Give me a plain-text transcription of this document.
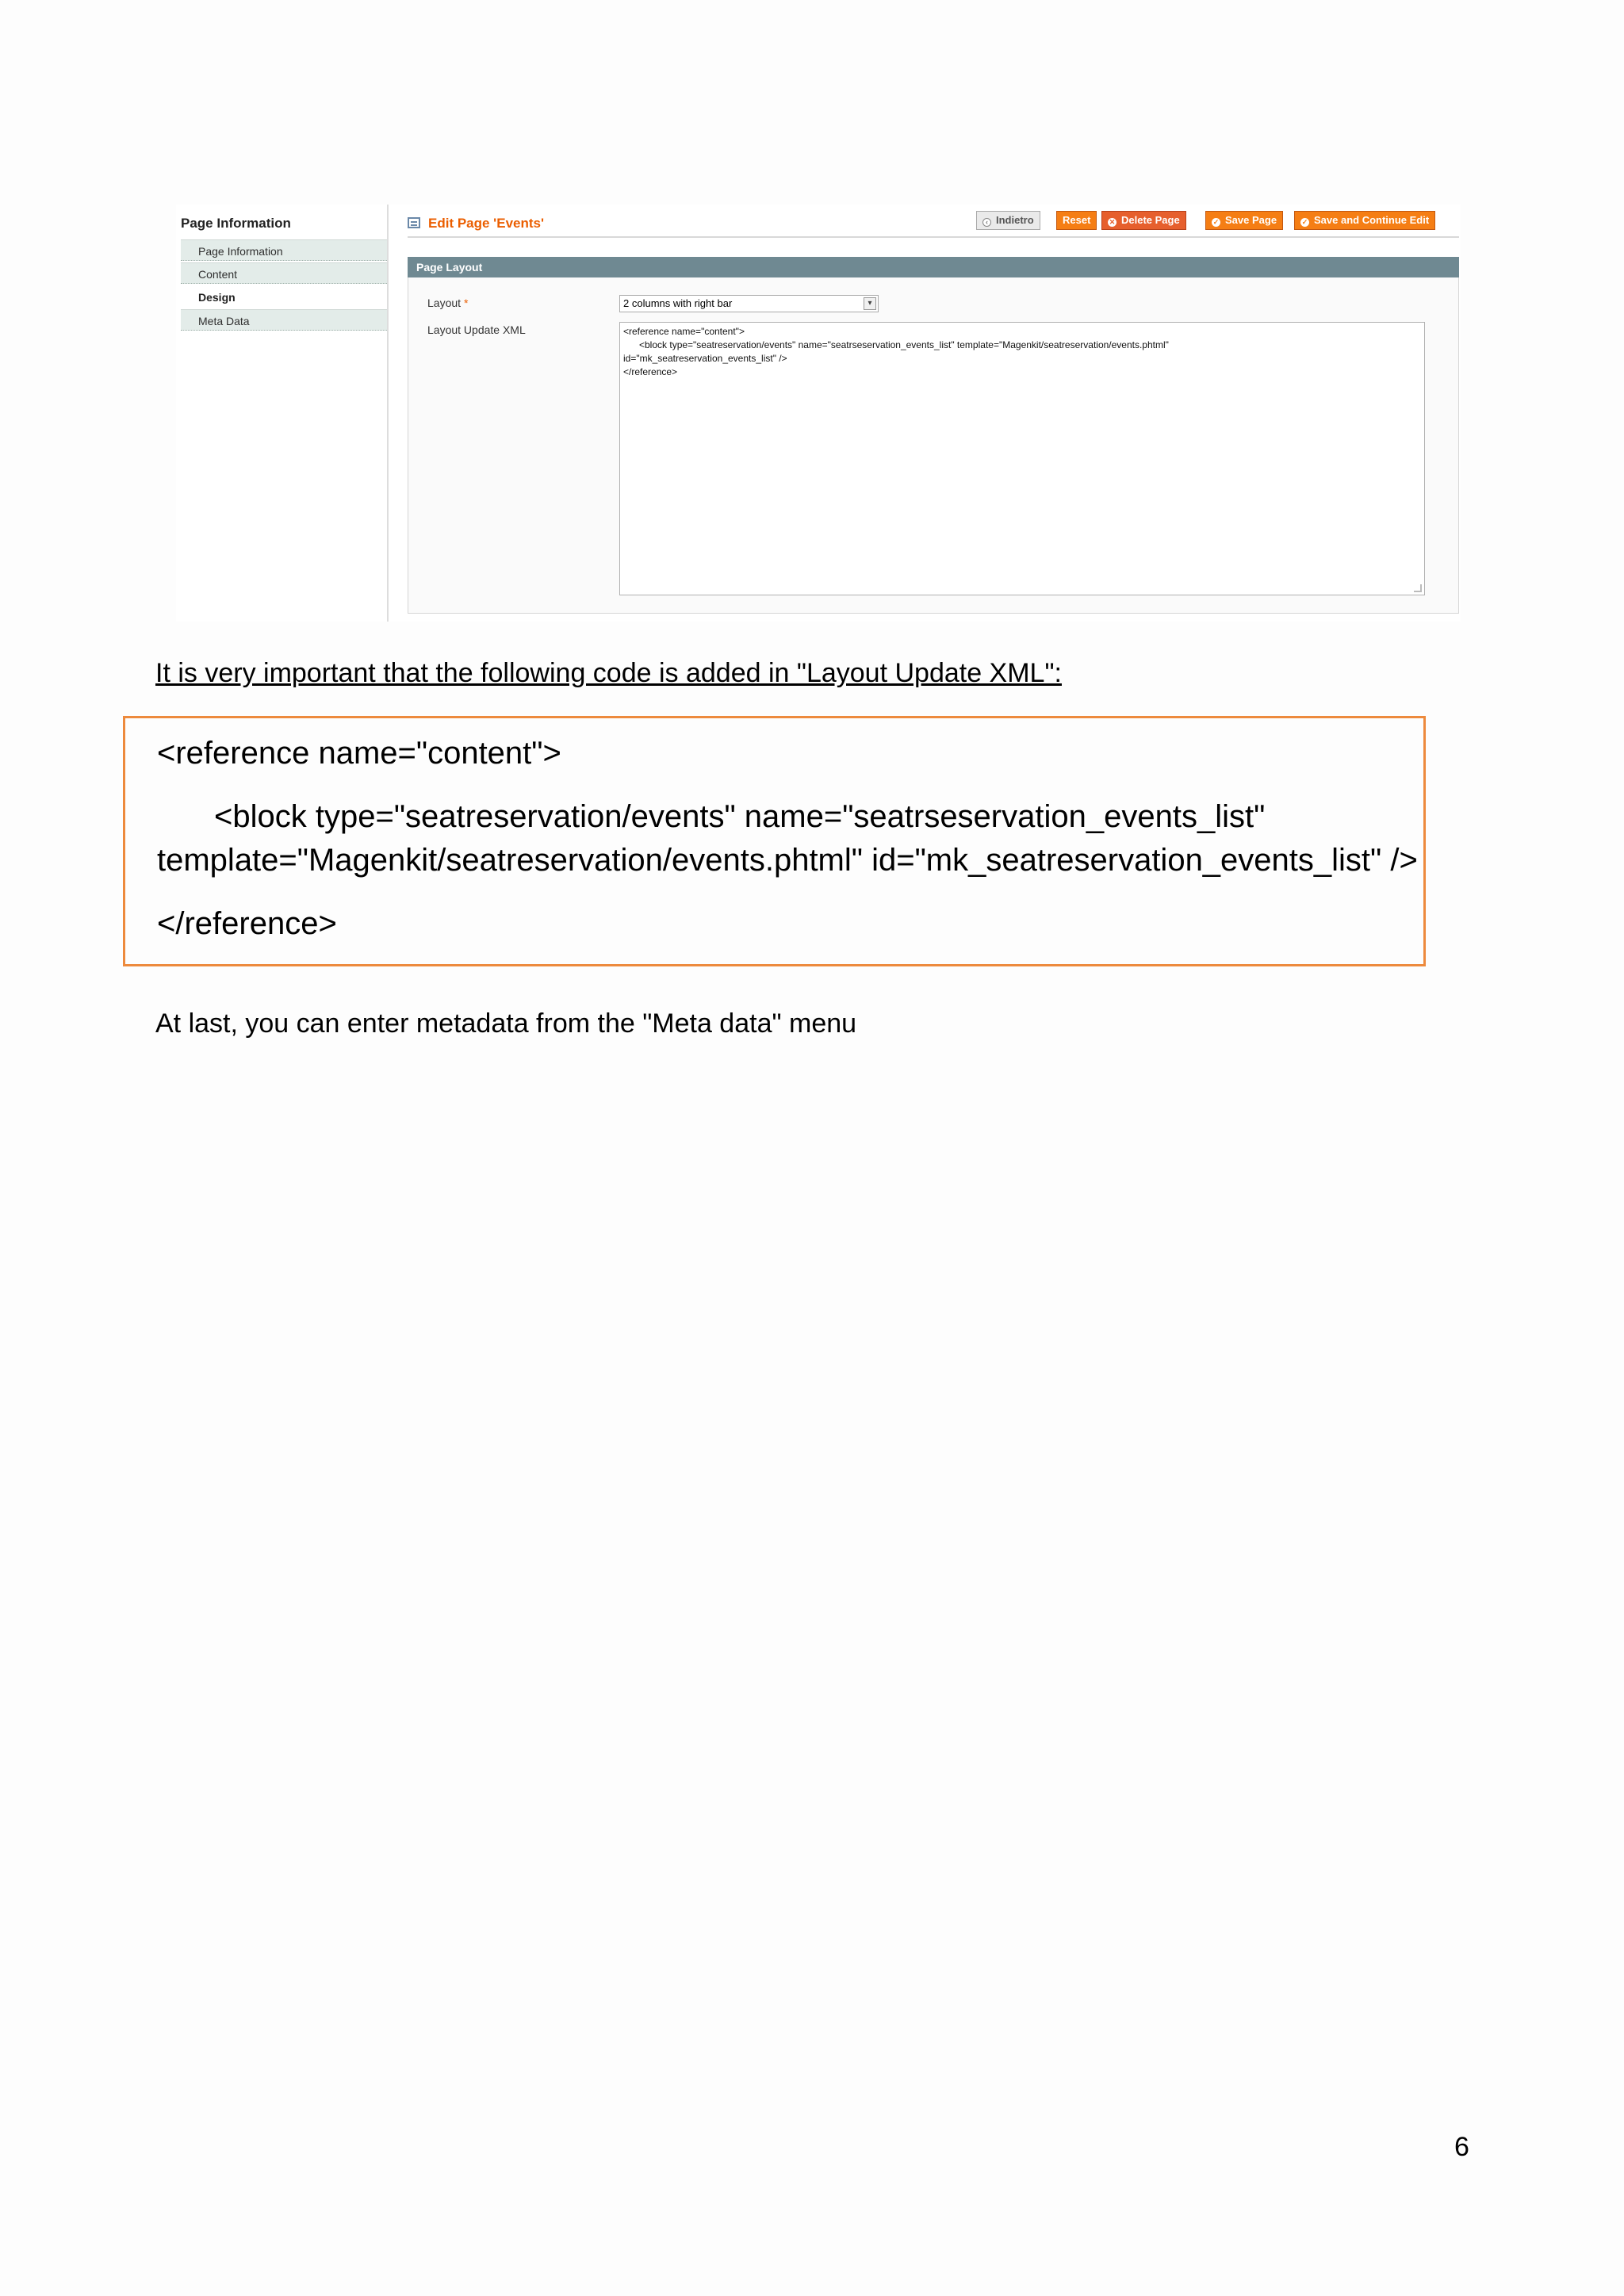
Page Information
Page Information
Content
Design
Meta Data
Edit Page 'Events'	‹ Indietro	Reset	✕ Delete Page	✓ Save Page	✓ Save and Continue Edit
Page Layout
Layout *	2 columns with right bar	▾
Layout Update XML	<reference name="content">
<block type="seatreservation/events" name="seatrseservation_events_list" template="Magenkit/seatreservation/events.phtml"
id="mk_seatreservation_events_list" />
</reference>
It is very important that the following code is added in "Layout Update XML":
<reference name="content">
<block type="seatreservation/events" name="seatrseservation_events_list"
template="Magenkit/seatreservation/events.phtml" id="mk_seatreservation_events_list" />
</reference>
At last, you can enter metadata from the "Meta data" menu
6
